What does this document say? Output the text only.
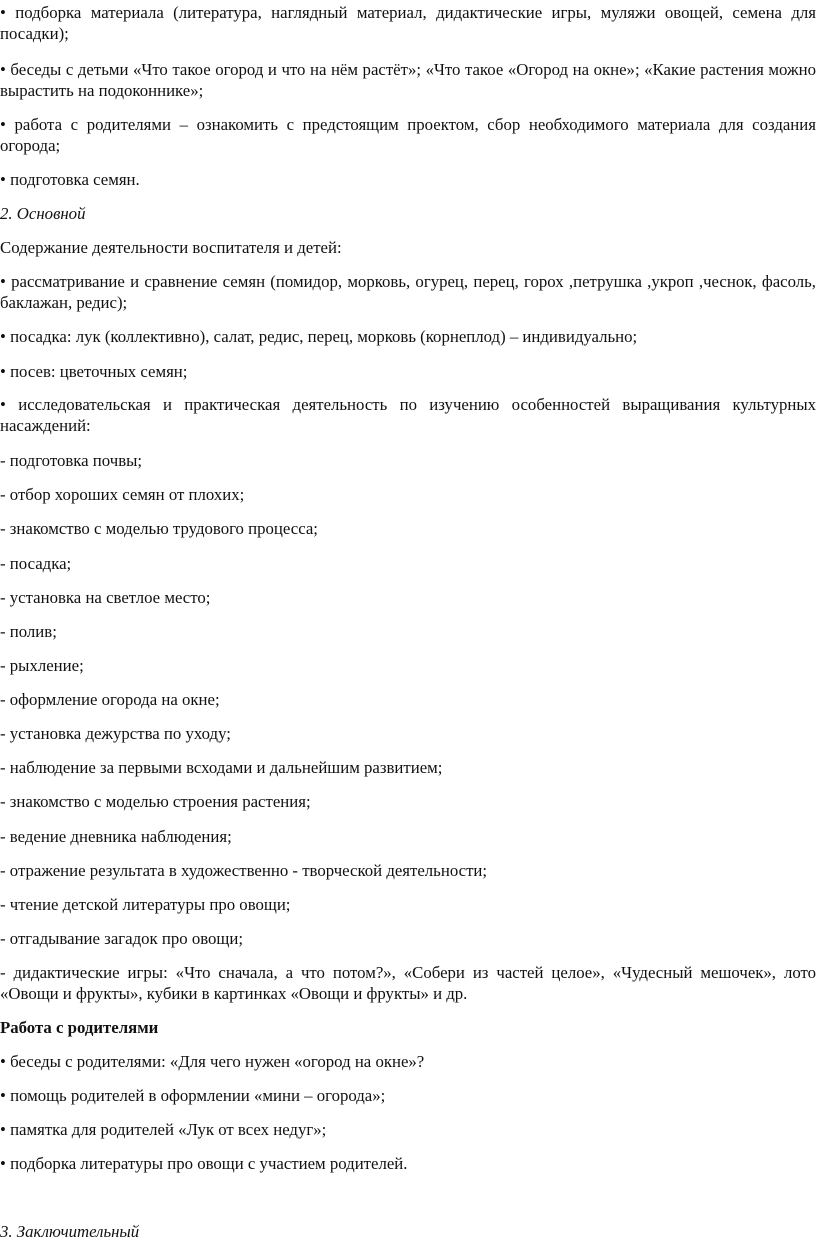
• подборка материала (литература, наглядный материал, дидактические игры, муляжи овощей, семена для посадки);

• беседы с детьми «Что такое огород и что на нём растёт»; «Что такое «Огород на окне»; «Какие растения можно вырастить на подоконнике»;

• работа с родителями – ознакомить с предстоящим проектом, сбор необходимого материала для создания огорода;

• подготовка семян.

2. Основной

Содержание деятельности воспитателя и детей:

• рассматривание и сравнение семян (помидор, морковь, огурец, перец, горох ,петрушка ,укроп ,чеснок, фасоль, баклажан, редис);

• посадка: лук (коллективно), салат, редис, перец, морковь (корнеплод) – индивидуально;

• посев: цветочных семян;

• исследовательская и практическая деятельность по изучению особенностей выращивания культурных насаждений:

- подготовка почвы;

- отбор хороших семян от плохих;

- знакомство с моделью трудового процесса;

- посадка;

- установка на светлое место;

- полив;

- рыхление;

- оформление огорода на окне;

- установка дежурства по уходу;

- наблюдение за первыми всходами и дальнейшим развитием;

- знакомство с моделью строения растения;

- ведение дневника наблюдения;

- отражение результата в художественно - творческой деятельности;

- чтение детской литературы про овощи;

- отгадывание загадок про овощи;

- дидактические игры: «Что сначала, а что потом?», «Собери из частей целое», «Чудесный мешочек», лото «Овощи и фрукты», кубики в картинках «Овощи и фрукты» и др.

Работа с родителями

• беседы с родителями: «Для чего нужен «огород на окне»?

• помощь родителей в оформлении «мини – огорода»;

• памятка для родителей «Лук от всех недуг»;

• подборка литературы про овощи с участием родителей.

3. Заключительный
